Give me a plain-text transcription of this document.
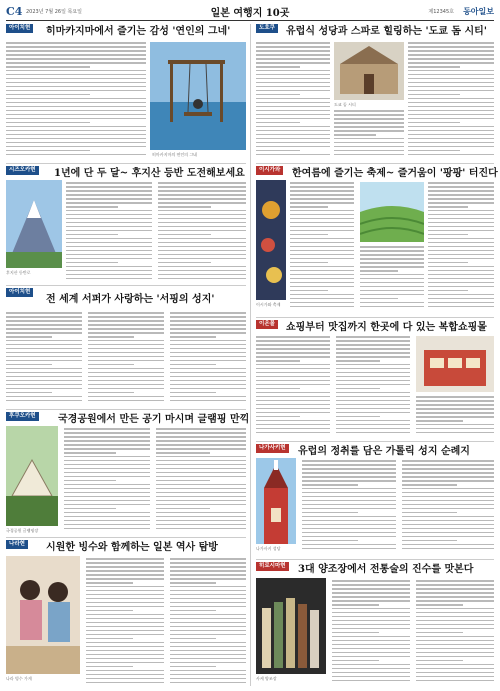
C4 2023년 7월 26일 목요일	일본 여행지 10곳	제12345호 동아일보
아이치현	히마카지마에서 즐기는 감성 '연인의 그네'
히마카지마의 연인의 그네
도호쿠	유럽식 성당과 스파로 힐링하는 '도쿄 돔 시티'
도쿄 돔 시티
시즈오카현	1년에 단 두 달~ 후지산 등반 도전해보세요
후지산 등반로
이시가와	한여름에 즐기는 축제~ 즐거움이 '팡팡' 터진다
이시가와 축제
아이치현
전 세계 서퍼가 사랑하는 '서핑의 성지'
이온몰	쇼핑부터 맛집까지 한곳에 다 있는 복합쇼핑몰
후쿠오카현	국경공원에서 만든 공기 마시며 글램핑 만끽
국경공원 글램핑장
나가사키현	유럽의 정취를 담은 가톨릭 성지 순례지
나가사키 성당
나라현	시원한 빙수와 함께하는 일본 역사 탐방
나라 빙수 가게
히로시마현	3대 양조장에서 전통술의 진수를 맛본다
사케 양조장
